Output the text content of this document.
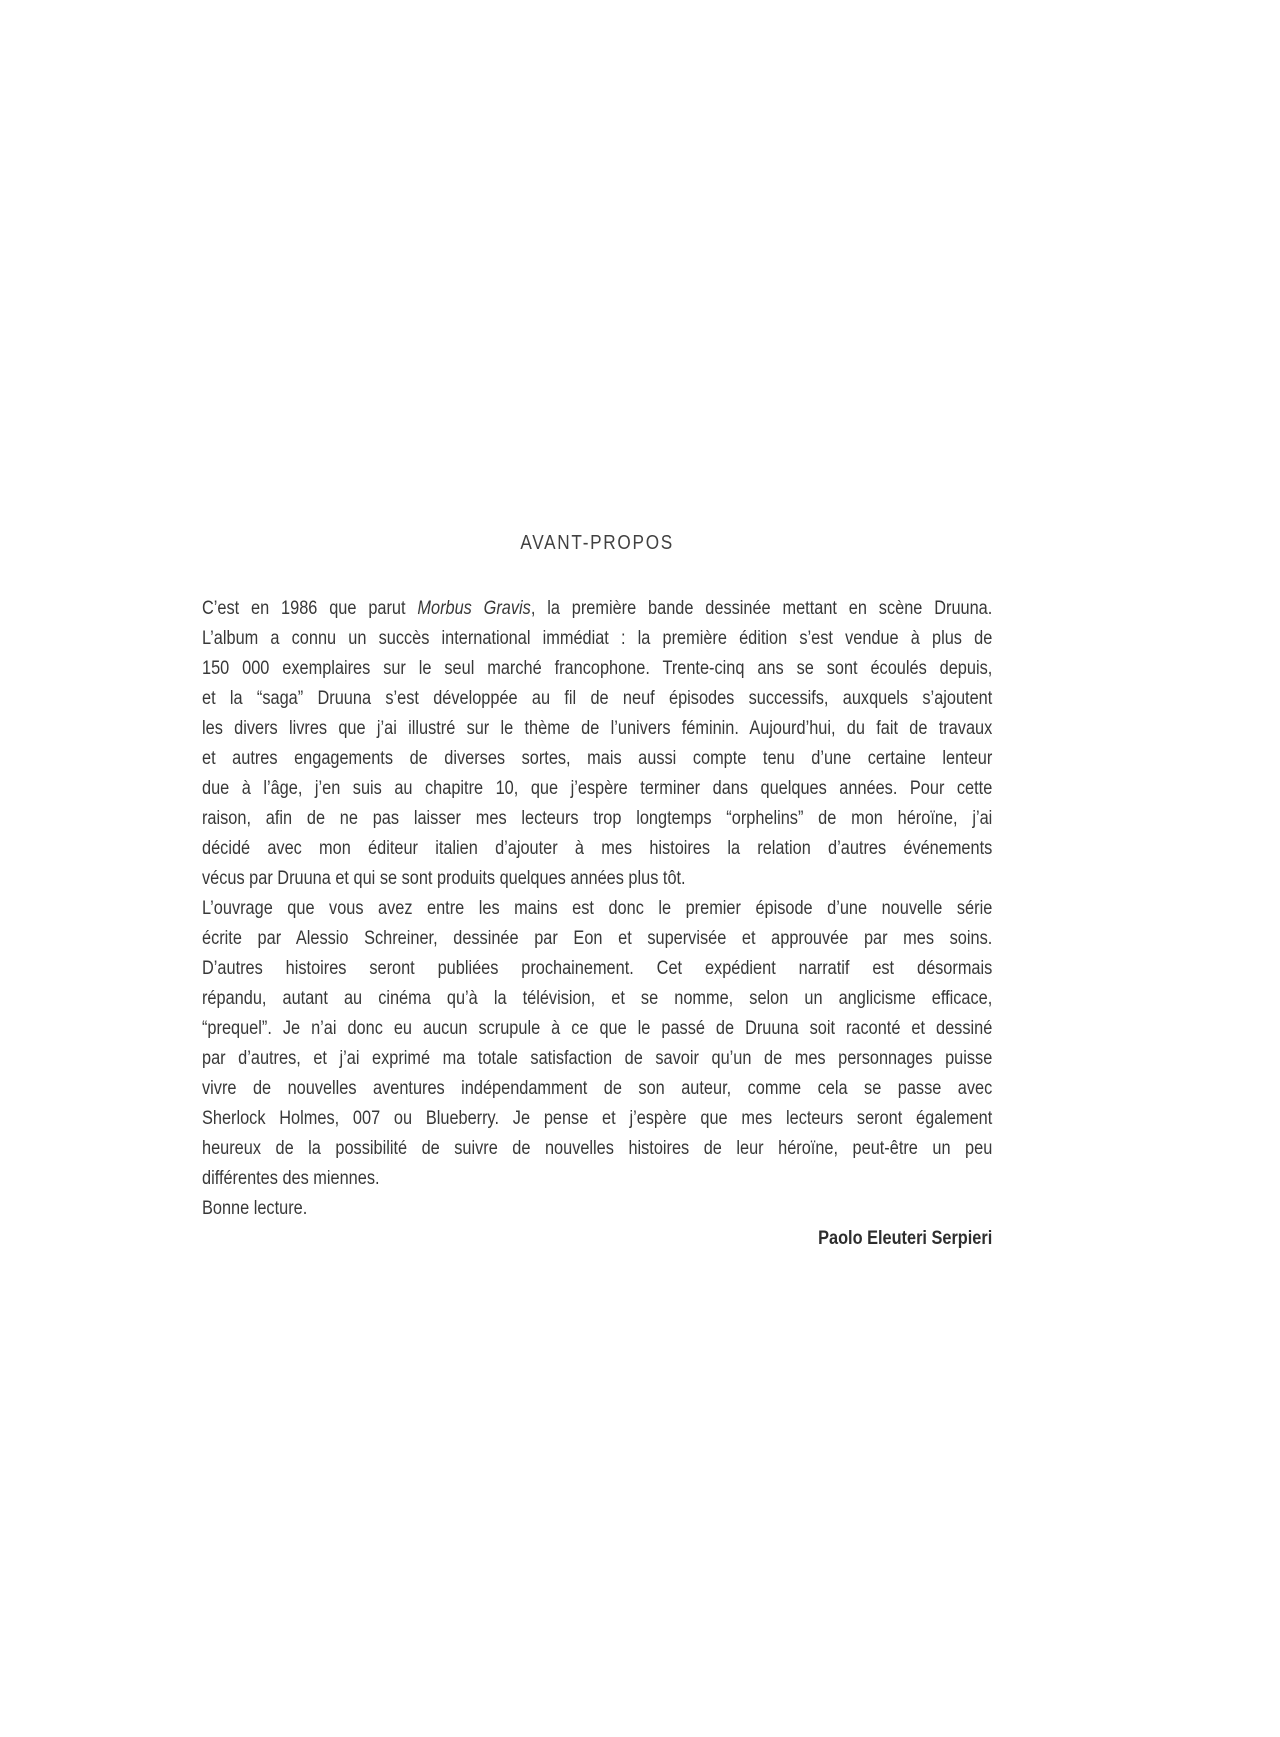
AVANT-PROPOS
C’est en 1986 que parut Morbus Gravis, la première bande dessinée mettant en scène Druuna.
L’album a connu un succès international immédiat : la première édition s’est vendue à plus de
150 000 exemplaires sur le seul marché francophone. Trente-cinq ans se sont écoulés depuis,
et la “saga” Druuna s’est développée au fil de neuf épisodes successifs, auxquels s’ajoutent
les divers livres que j’ai illustré sur le thème de l’univers féminin. Aujourd’hui, du fait de travaux
et autres engagements de diverses sortes, mais aussi compte tenu d’une certaine lenteur
due à l’âge, j’en suis au chapitre 10, que j’espère terminer dans quelques années. Pour cette
raison, afin de ne pas laisser mes lecteurs trop longtemps “orphelins” de mon héroïne, j’ai
décidé avec mon éditeur italien d’ajouter à mes histoires la relation d’autres événements
vécus par Druuna et qui se sont produits quelques années plus tôt.
L’ouvrage que vous avez entre les mains est donc le premier épisode d’une nouvelle série
écrite par Alessio Schreiner, dessinée par Eon et supervisée et approuvée par mes soins.
D’autres histoires seront publiées prochainement. Cet expédient narratif est désormais
répandu, autant au cinéma qu’à la télévision, et se nomme, selon un anglicisme efficace,
“prequel”. Je n’ai donc eu aucun scrupule à ce que le passé de Druuna soit raconté et dessiné
par d’autres, et j’ai exprimé ma totale satisfaction de savoir qu’un de mes personnages puisse
vivre de nouvelles aventures indépendamment de son auteur, comme cela se passe avec
Sherlock Holmes, 007 ou Blueberry. Je pense et j’espère que mes lecteurs seront également
heureux de la possibilité de suivre de nouvelles histoires de leur héroïne, peut-être un peu
différentes des miennes.
Bonne lecture.
Paolo Eleuteri Serpieri
